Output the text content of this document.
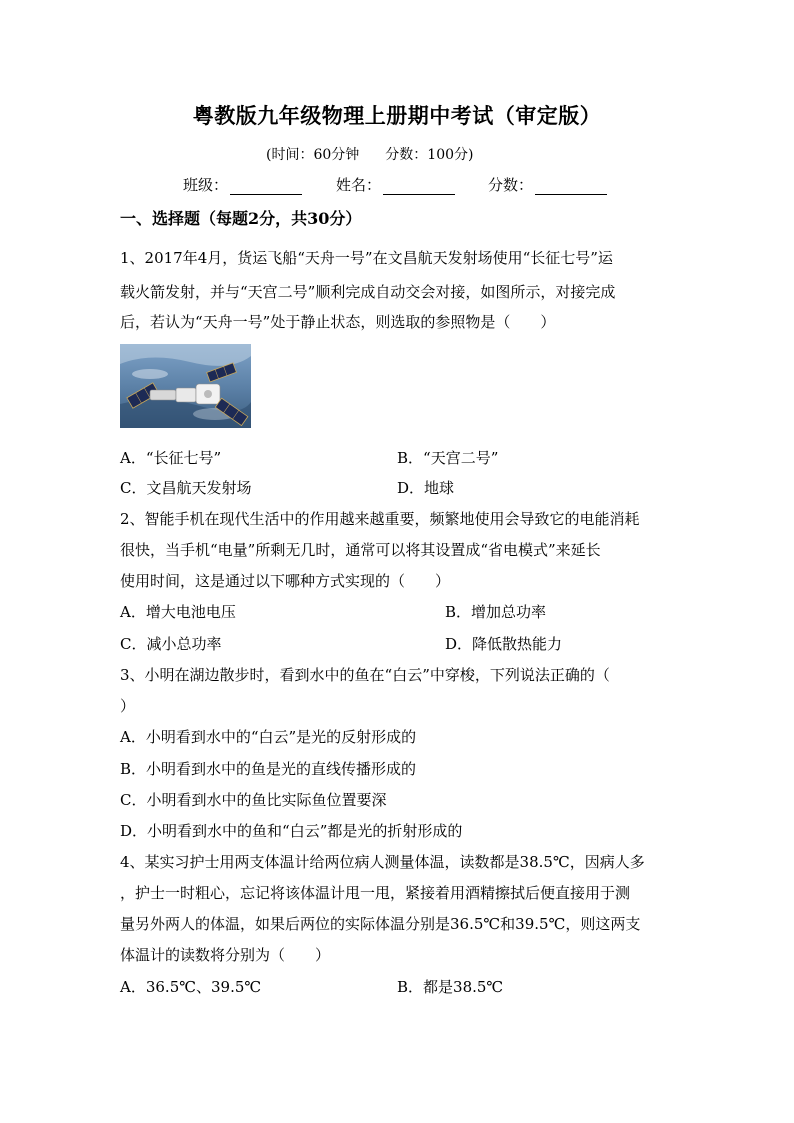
粤教版九年级物理上册期中考试（审定版）
(时间：60分钟 分数：100分)
班级：	姓名：	分数：
一、选择题（每题2分，共30分）
1、2017年4月，货运飞船“天舟一号”在文昌航天发射场使用“长征七号”运
载火箭发射，并与“天宫二号”顺利完成自动交会对接，如图所示，对接完成
后，若认为“天舟一号”处于静止状态，则选取的参照物是（　　）
A．“长征七号”	B．“天宫二号”
C．文昌航天发射场	D．地球
2、智能手机在现代生活中的作用越来越重要，频繁地使用会导致它的电能消耗
很快，当手机“电量”所剩无几时，通常可以将其设置成“省电模式”来延长
使用时间，这是通过以下哪种方式实现的（　　）
A．增大电池电压	B．增加总功率
C．减小总功率	D．降低散热能力
3、小明在湖边散步时，看到水中的鱼在“白云”中穿梭，下列说法正确的（
）
A．小明看到水中的“白云”是光的反射形成的
B．小明看到水中的鱼是光的直线传播形成的
C．小明看到水中的鱼比实际鱼位置要深
D．小明看到水中的鱼和“白云”都是光的折射形成的
4、某实习护士用两支体温计给两位病人测量体温，读数都是38.5℃，因病人多
，护士一时粗心，忘记将该体温计甩一甩，紧接着用酒精擦拭后便直接用于测
量另外两人的体温，如果后两位的实际体温分别是36.5℃和39.5℃，则这两支
体温计的读数将分别为（　　）
A．36.5℃、39.5℃	B．都是38.5℃
